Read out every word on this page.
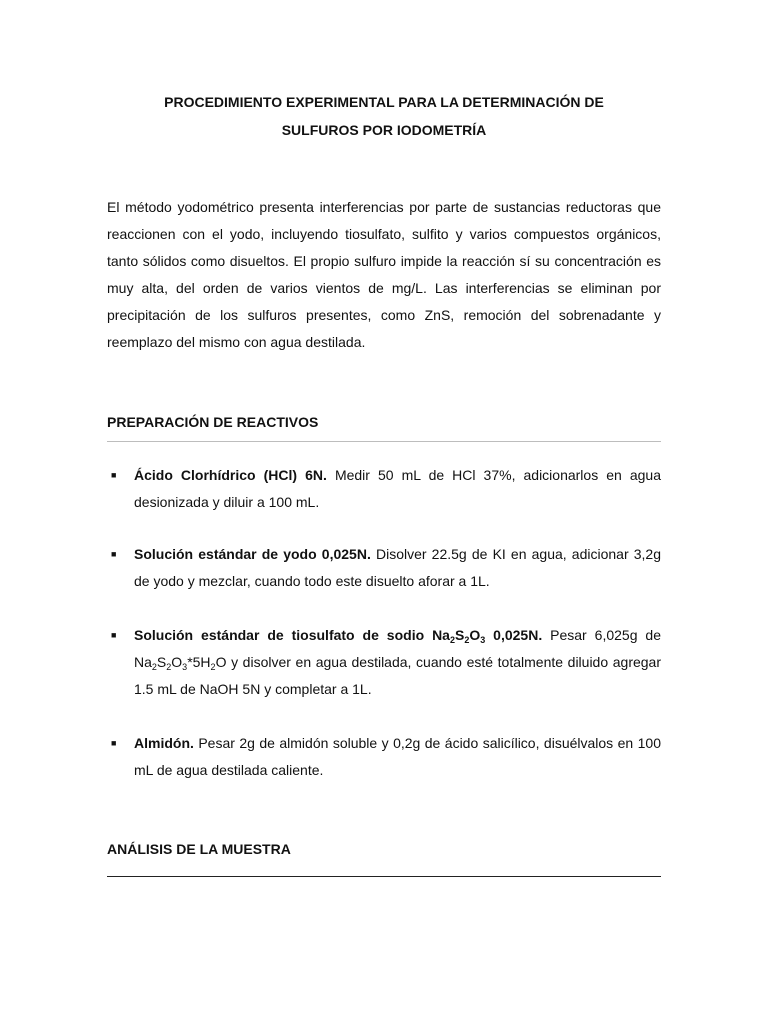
PROCEDIMIENTO EXPERIMENTAL PARA LA DETERMINACIÓN DE
SULFUROS POR IODOMETRÍA

El método yodométrico presenta interferencias por parte de sustancias reductoras que reaccionen con el yodo, incluyendo tiosulfato, sulfito y varios compuestos orgánicos, tanto sólidos como disueltos. El propio sulfuro impide la reacción sí su concentración es muy alta, del orden de varios vientos de mg/L. Las interferencias se eliminan por precipitación de los sulfuros presentes, como ZnS, remoción del sobrenadante y reemplazo del mismo con agua destilada.

PREPARACIÓN DE REACTIVOS
■ Ácido Clorhídrico (HCl) 6N. Medir 50 mL de HCl 37%, adicionarlos en agua desionizada y diluir a 100 mL.
■ Solución estándar de yodo 0,025N. Disolver 22.5g de KI en agua, adicionar 3,2g de yodo y mezclar, cuando todo este disuelto aforar a 1L.
■ Solución estándar de tiosulfato de sodio $Na_2S_2O_3$ 0,025N. Pesar 6,025g de $Na_2S_2O_3*5H_2O$ y disolver en agua destilada, cuando esté totalmente diluido agregar 1.5 mL de NaOH 5N y completar a 1L.
■ Almidón. Pesar 2g de almidón soluble y 0,2g de ácido salicílico, disuélvalos en 100 mL de agua destilada caliente.
ANÁLISIS DE LA MUESTRA
